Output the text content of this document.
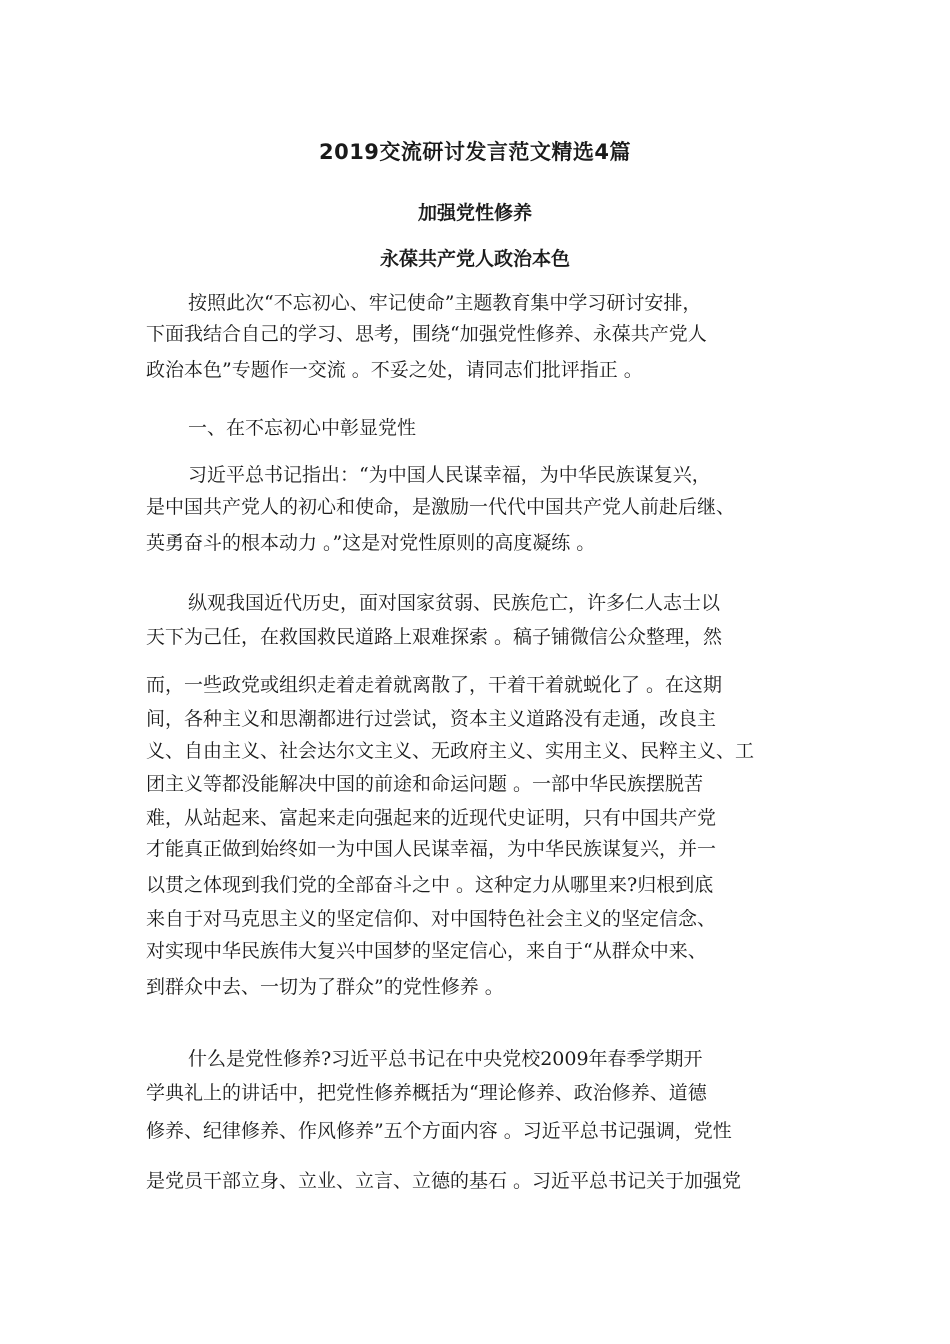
2019交流研讨发言范文精选4篇
加强党性修养
永葆共产党人政治本色

按照此次“不忘初心、牢记使命”主题教育集中学习研讨安排，

下面我结合自己的学习、思考，围绕“加强党性修养、永葆共产党人

政治本色”专题作一交流 。不妥之处，请同志们批评指正 。

一、在不忘初心中彰显党性

习近平总书记指出：“为中国人民谋幸福，为中华民族谋复兴，

是中国共产党人的初心和使命，是激励一代代中国共产党人前赴后继、

英勇奋斗的根本动力 。”这是对党性原则的高度凝练 。

纵观我国近代历史，面对国家贫弱、民族危亡，许多仁人志士以

天下为己任，在救国救民道路上艰难探索 。稿子铺微信公众整理，然

而，一些政党或组织走着走着就离散了，干着干着就蜕化了 。在这期

间，各种主义和思潮都进行过尝试，资本主义道路没有走通，改良主

义、自由主义、社会达尔文主义、无政府主义、实用主义、民粹主义、工

团主义等都没能解决中国的前途和命运问题 。一部中华民族摆脱苦

难，从站起来、富起来走向强起来的近现代史证明，只有中国共产党

才能真正做到始终如一为中国人民谋幸福，为中华民族谋复兴，并一

以贯之体现到我们党的全部奋斗之中 。这种定力从哪里来?归根到底

来自于对马克思主义的坚定信仰、对中国特色社会主义的坚定信念、

对实现中华民族伟大复兴中国梦的坚定信心，来自于“从群众中来、

到群众中去、一切为了群众”的党性修养 。

什么是党性修养?习近平总书记在中央党校2009年春季学期开

学典礼上的讲话中，把党性修养概括为“理论修养、政治修养、道德

修养、纪律修养、作风修养”五个方面内容 。习近平总书记强调，党性

是党员干部立身、立业、立言、立德的基石 。习近平总书记关于加强党
